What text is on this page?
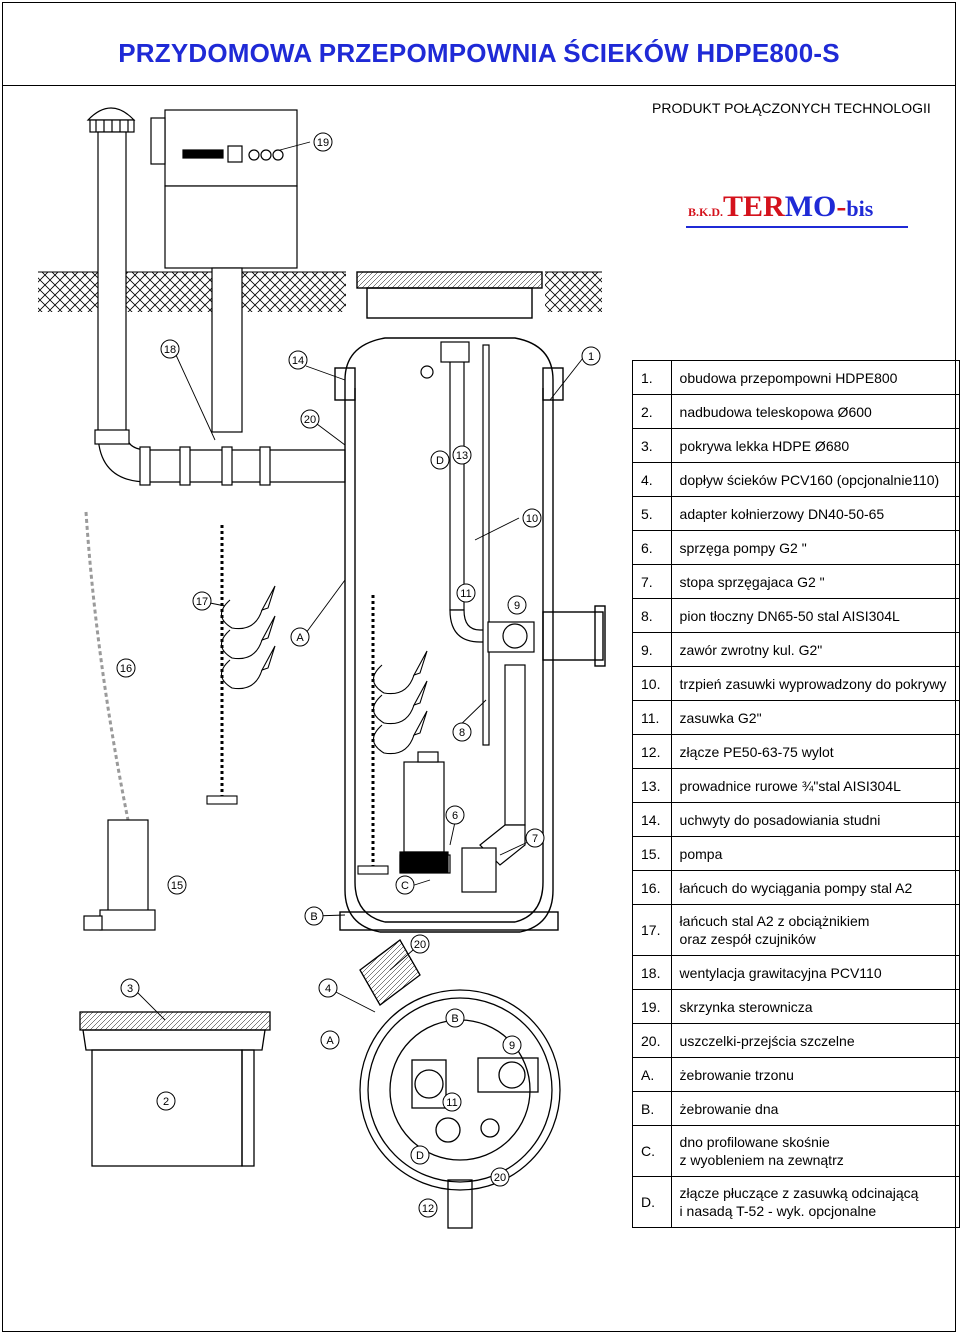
PRZYDOMOWA PRZEPOMPOWNIA ŚCIEKÓW HDPE800-S
PRODUKT POŁĄCZONYCH TECHNOLOGII
B.K.D.TERMO-bis
1.	obudowa przepompowni HDPE800

2.	nadbudowa teleskopowa Ø600

3.	pokrywa lekka HDPE Ø680

4.	dopływ ścieków PCV160 (opcjonalnie110)

5.	adapter kołnierzowy DN40-50-65

6.	sprzęga pompy G2 "

7.	stopa sprzęgajaca G2 "

8.	pion tłoczny DN65-50 stal AISI304L

9.	zawór zwrotny kul. G2"

10.	trzpień zasuwki wyprowadzony do pokrywy

11.	zasuwka G2"

12.	złącze PE50-63-75 wylot

13.	prowadnice rurowe ¾"stal AISI304L

14.	uchwyty do posadowiania studni

15.	pompa

16.	łańcuch do wyciągania pompy stal A2

17.	łańcuch stal A2 z obciążnikiem
oraz zespół czujników

18.	wentylacja grawitacyjna PCV110

19.	skrzynka sterownicza

20.	uszczelki-przejścia szczelne

A.	żebrowanie trzonu

B.	żebrowanie dna

C.	dno profilowane skośnie
z wyobleniem na zewnątrz

D.	złącze płuczące z zasuwką odcinającą
i nasadą T-52 - wyk. opcjonalne
19
18
14
20
1
D 13
10
17
11
9
A
16
8
6
7
15	C
B
20
3	4
B
A	9
2	11
D
20
12
